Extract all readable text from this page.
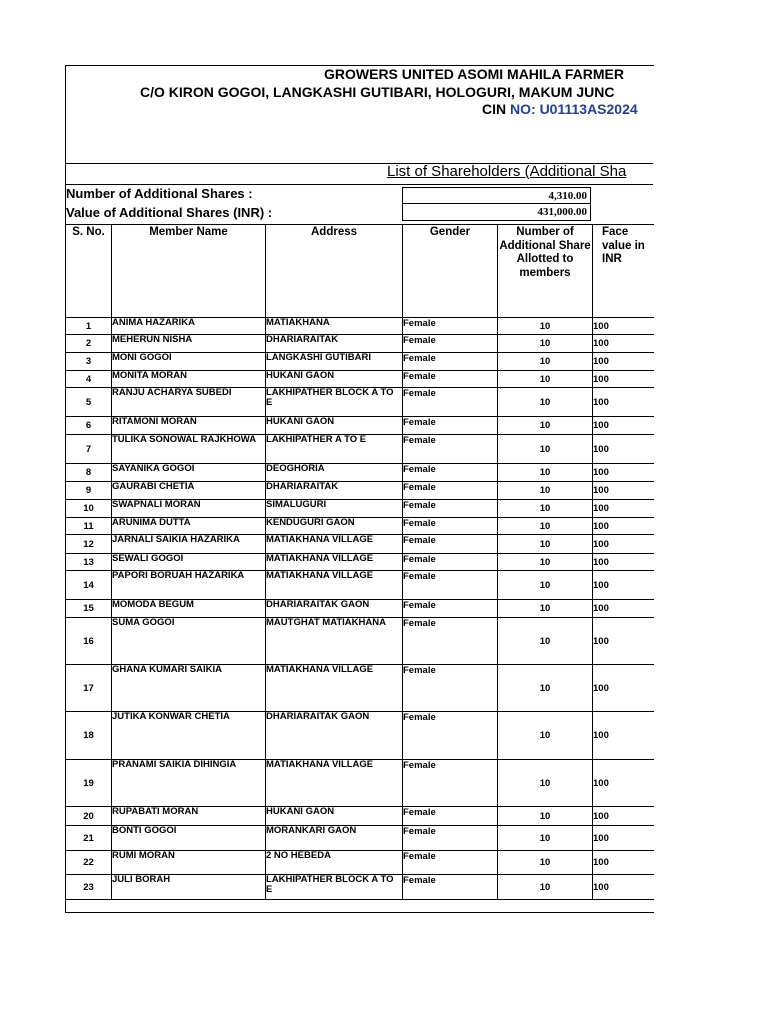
GROWERS UNITED ASOMI MAHILA FARMER
C/O KIRON GOGOI, LANGKASHI GUTIBARI, HOLOGURI, MAKUM JUNC
CIN NO: U01113AS2024
List of Shareholders (Additional Sha
Number of Additional Shares :	4,310.00
Value of Additional Shares (INR) :	431,000.00
S. No.	Member Name	Address	Gender	Number of Additional Share Allotted to members	Face value in INR
1	ANIMA HAZARIKA	MATIAKHANA	Female	10	100
2	MEHERUN NISHA	DHARIARAITAK	Female	10	100
3	MONI GOGOI	LANGKASHI GUTIBARI	Female	10	100
4	MONITA MORAN	HUKANI GAON	Female	10	100
5	RANJU ACHARYA SUBEDI	LAKHIPATHER BLOCK A TO E	Female	10	100
6	RITAMONI MORAN	HUKANI GAON	Female	10	100
7	TULIKA SONOWAL RAJKHOWA	LAKHIPATHER A TO E	Female	10	100
8	SAYANIKA GOGOI	DEOGHORIA	Female	10	100
9	GAURABI CHETIA	DHARIARAITAK	Female	10	100
10	SWAPNALI MORAN	SIMALUGURI	Female	10	100
11	ARUNIMA DUTTA	KENDUGURI GAON	Female	10	100
12	JARNALI SAIKIA HAZARIKA	MATIAKHANA VILLAGE	Female	10	100
13	SEWALI GOGOI	MATIAKHANA VILLAGE	Female	10	100
14	PAPORI BORUAH HAZARIKA	MATIAKHANA VILLAGE	Female	10	100
15	MOMODA BEGUM	DHARIARAITAK GAON	Female	10	100
16	SUMA GOGOI	MAUTGHAT MATIAKHANA	Female	10	100
17	GHANA KUMARI SAIKIA	MATIAKHANA VILLAGE	Female	10	100
18	JUTIKA KONWAR CHETIA	DHARIARAITAK GAON	Female	10	100
19	PRANAMI SAIKIA DIHINGIA	MATIAKHANA VILLAGE	Female	10	100
20	RUPABATI MORAN	HUKANI GAON	Female	10	100
21	BONTI GOGOI	MORANKARI GAON	Female	10	100
22	RUMI MORAN	2 NO HEBEDA	Female	10	100
23	JULI BORAH	LAKHIPATHER BLOCK A TO E	Female	10	100
